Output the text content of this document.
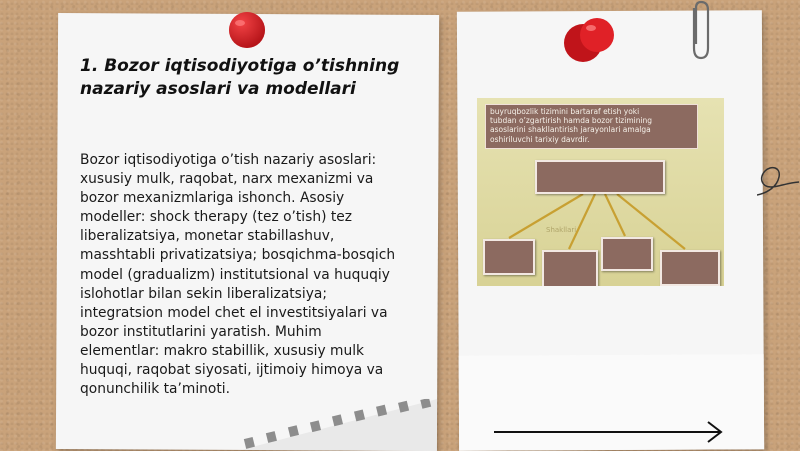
1. Bozor iqtisodiyotiga o’tishning
nazariy asoslari va modellari
Bozor iqtisodiyotiga o’tish nazariy asoslari:
xususiy mulk, raqobat, narx mexanizmi va
bozor mexanizmlariga ishonch. Asosiy
modeller: shock therapy (tez o’tish) tez
liberalizatsiya, monetar stabillashuv,
masshtabli privatizatsiya; bosqichma-bosqich
model (gradualizm) institutsional va huquqiy
islohotlar bilan sekin liberalizatsiya;
integratsion model chet el investitsiyalari va
bozor institutlarini yaratish. Muhim
elementlar: makro stabillik, xususiy mulk
huquqi, raqobat siyosati, ijtimoiy himoya va
qonunchilik ta’minoti.
buyruqbozlik tizimini bartaraf etish yoki
tubdan o’zgartirish hamda bozor tizimining
asoslarini shakllantirish jarayonlari amalga
oshiriluvchi tarixiy davrdir.
Shakllari
